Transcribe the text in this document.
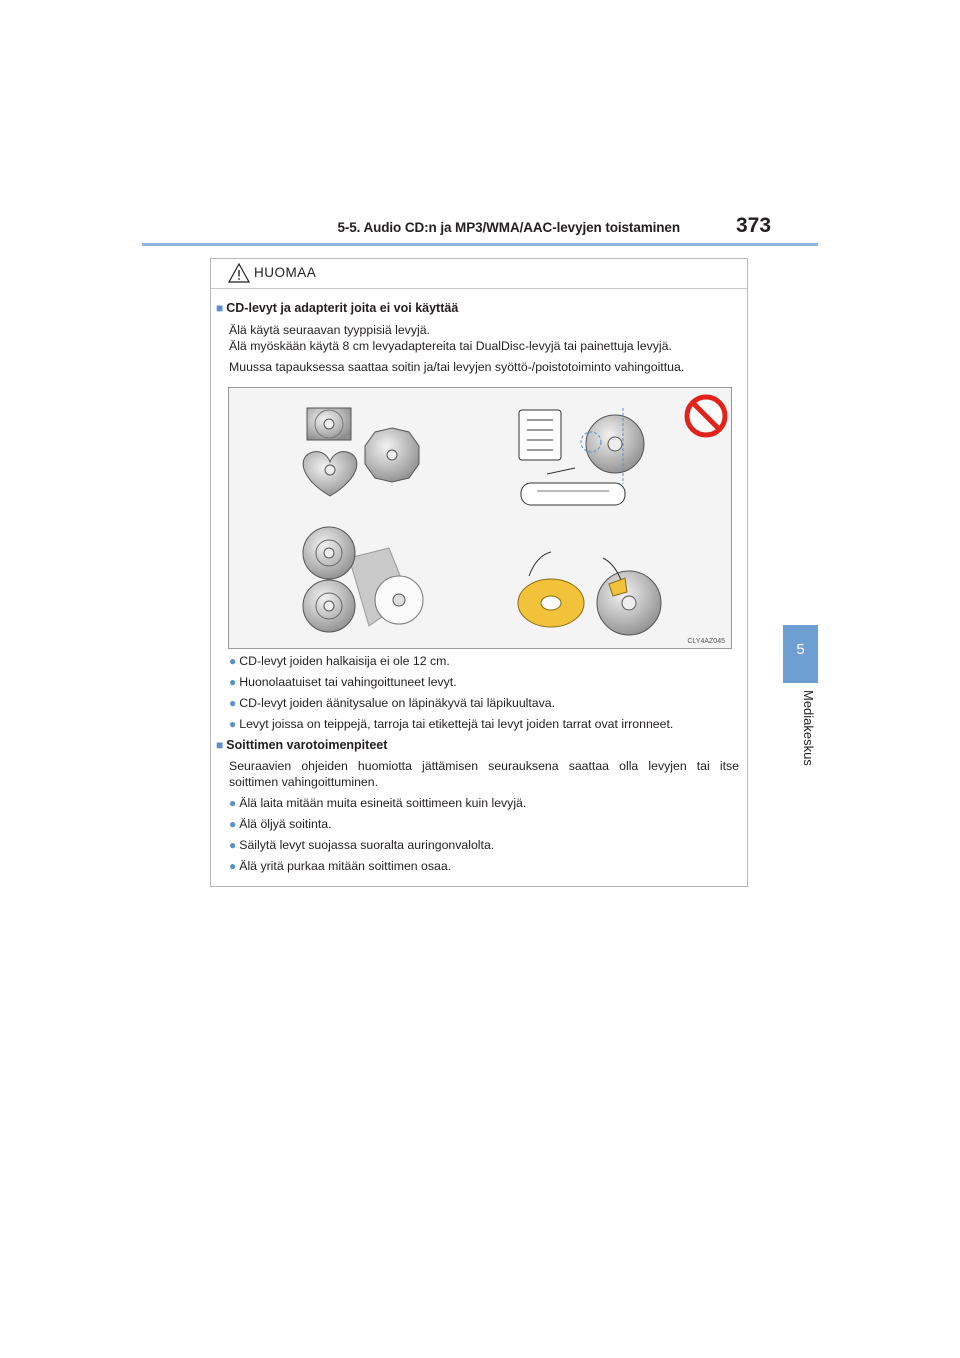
5-5. Audio CD:n ja MP3/WMA/AAC-levyjen toistaminen	373
5
Mediakeskus
HUOMAA
■ CD-levyt ja adapterit joita ei voi käyttää
Älä käytä seuraavan tyyppisiä levyjä.
Älä myöskään käytä 8 cm levyadaptereita tai DualDisc-levyjä tai painettuja levyjä.
Muussa tapauksessa saattaa soitin ja/tai levyjen syöttö-/poistotoiminto vahingoittua.
CLY4AZ045
● CD-levyt joiden halkaisija ei ole 12 cm.
● Huonolaatuiset tai vahingoittuneet levyt.
● CD-levyt joiden äänitysalue on läpinäkyvä tai läpikuultava.
● Levyt joissa on teippejä, tarroja tai etikettejä tai levyt joiden tarrat ovat irronneet.
■ Soittimen varotoimenpiteet
Seuraavien ohjeiden huomiotta jättämisen seurauksena saattaa olla levyjen tai itse
soittimen vahingoittuminen.
● Älä laita mitään muita esineitä soittimeen kuin levyjä.
● Älä öljyä soitinta.
● Säilytä levyt suojassa suoralta auringonvalolta.
● Älä yritä purkaa mitään soittimen osaa.
